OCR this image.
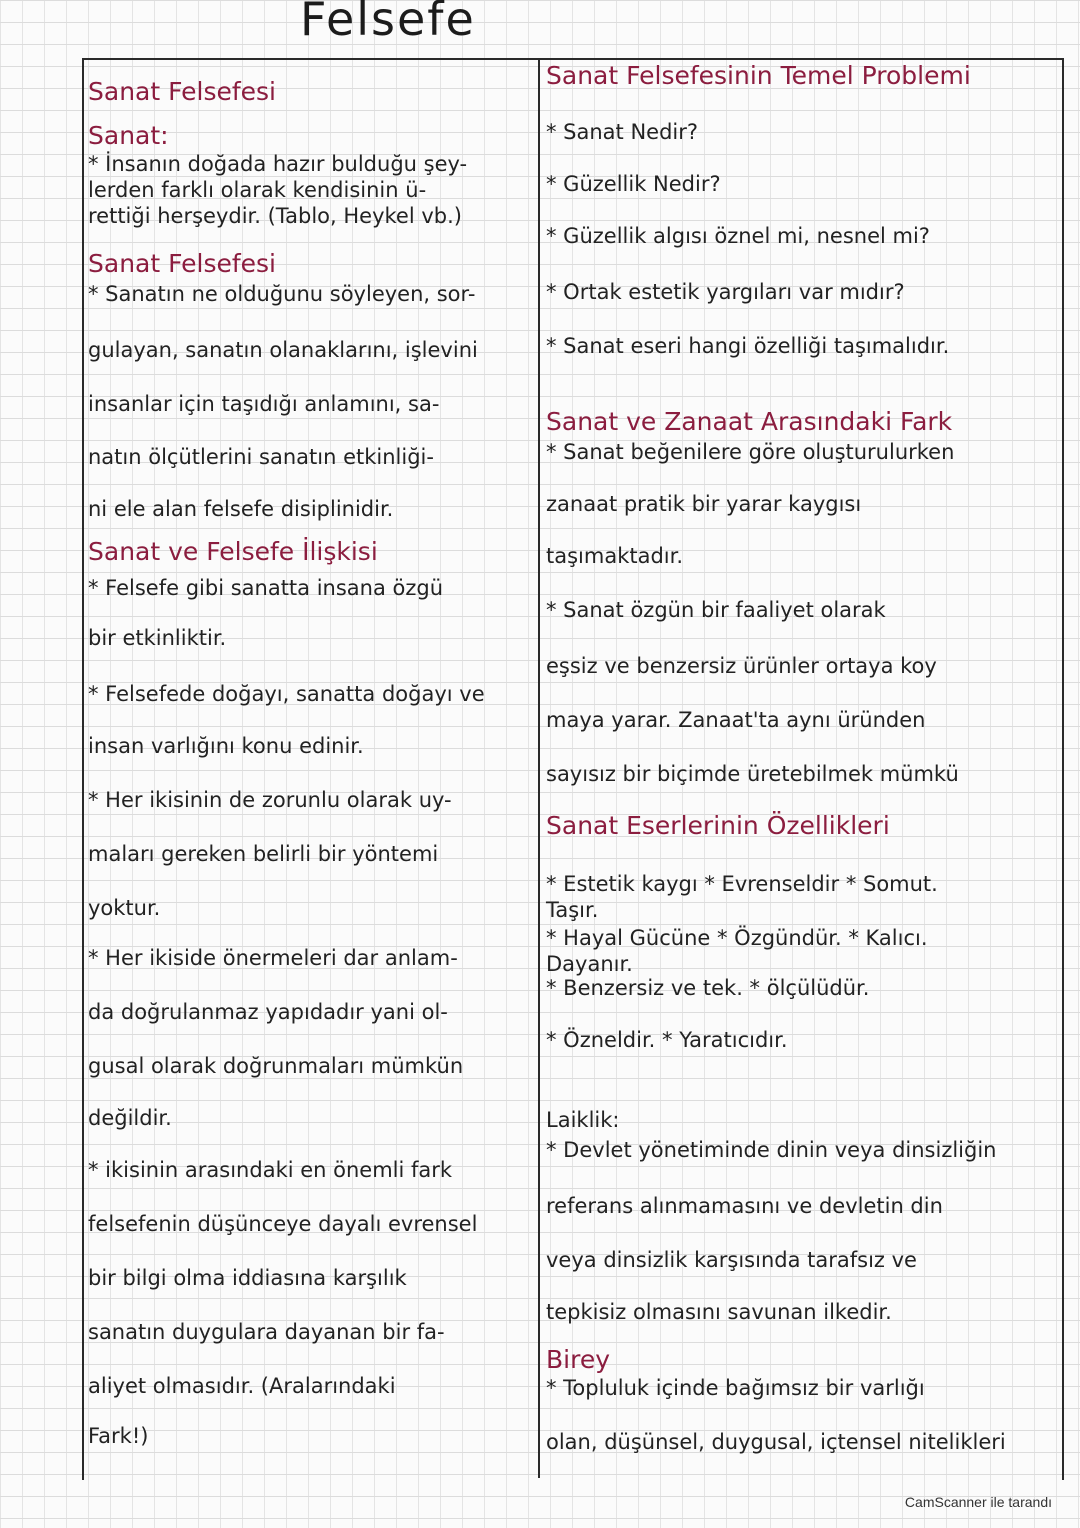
Felsefe
Sanat Felsefesi
Sanat:
* İnsanın doğada hazır bulduğu şey-
lerden farklı olarak kendisinin ü-
rettiği herşeydir. (Tablo, Heykel vb.)
Sanat Felsefesi
* Sanatın ne olduğunu söyleyen, sor-
gulayan, sanatın olanaklarını, işlevini
insanlar için taşıdığı anlamını, sa-
natın ölçütlerini sanatın etkinliği-
ni ele alan felsefe disiplinidir.
Sanat ve Felsefe İlişkisi
* Felsefe gibi sanatta insana özgü
bir etkinliktir.
* Felsefede doğayı, sanatta doğayı ve
insan varlığını konu edinir.
* Her ikisinin de zorunlu olarak uy-
maları gereken belirli bir yöntemi
yoktur.
* Her ikiside önermeleri dar anlam-
da doğrulanmaz yapıdadır yani ol-
gusal olarak doğrunmaları mümkün
değildir.
* ikisinin arasındaki en önemli fark
felsefenin düşünceye dayalı evrensel
bir bilgi olma iddiasına karşılık
sanatın duygulara dayanan bir fa-
aliyet olmasıdır. (Aralarındaki
Fark!)
Sanat Felsefesinin Temel Problemi
* Sanat Nedir?
* Güzellik Nedir?
* Güzellik algısı öznel mi, nesnel mi?
* Ortak estetik yargıları var mıdır?
* Sanat eseri hangi özelliği taşımalıdır.
Sanat ve Zanaat Arasındaki Fark
* Sanat beğenilere göre oluşturulurken
zanaat pratik bir yarar kaygısı
taşımaktadır.
* Sanat özgün bir faaliyet olarak
eşsiz ve benzersiz ürünler ortaya koy
maya yarar. Zanaat'ta aynı üründen
sayısız bir biçimde üretebilmek mümkü
Sanat Eserlerinin Özellikleri
* Estetik kaygı * Evrenseldir * Somut.
Taşır.
* Hayal Gücüne * Özgündür. * Kalıcı.
Dayanır.
* Benzersiz ve tek. * ölçülüdür.
* Özneldir. * Yaratıcıdır.
Laiklik:
* Devlet yönetiminde dinin veya dinsizliğin
referans alınmamasını ve devletin din
veya dinsizlik karşısında tarafsız ve
tepkisiz olmasını savunan ilkedir.
Birey
* Topluluk içinde bağımsız bir varlığı
olan, düşünsel, duygusal, içtensel nitelikleri
CamScanner ile tarandı
